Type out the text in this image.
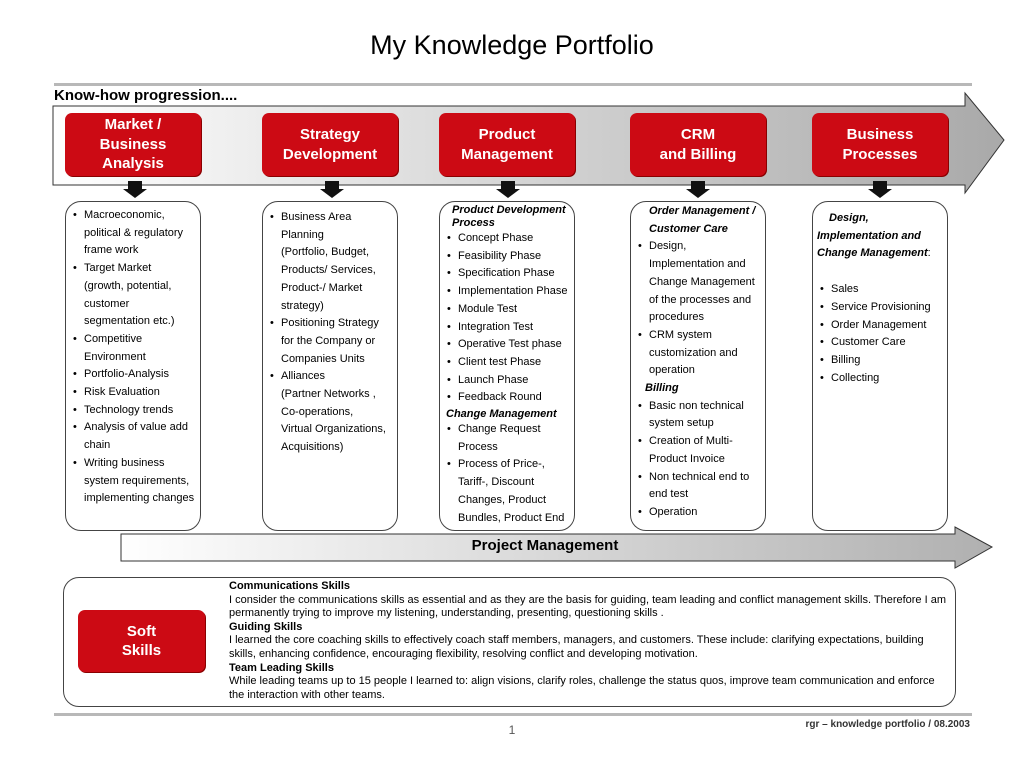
My Knowledge Portfolio
Know-how progression....
Market /
Business
Analysis
Strategy
Development
Product
Management
CRM
and Billing
Business
Processes
• Macroeconomic,
political & regulatory
frame work
• Target Market
(growth, potential,
customer
segmentation etc.)
• Competitive
Environment
• Portfolio-Analysis
• Risk Evaluation
• Technology trends
• Analysis of value add
chain
• Writing business
system requirements,
implementing changes
• Business Area
Planning
(Portfolio, Budget,
Products/ Services,
Product-/ Market
strategy)
• Positioning Strategy
for the Company or
Companies Units
• Alliances
(Partner Networks ,
Co-operations,
Virtual Organizations,
Acquisitions)
Product Development
Process
• Concept Phase
• Feasibility Phase
• Specification Phase
• Implementation Phase
• Module Test
• Integration Test
• Operative Test phase
• Client test Phase
• Launch Phase
• Feedback Round
Change Management
• Change Request
Process
• Process of Price-,
Tariff-, Discount
Changes, Product
Bundles, Product End
Order Management /
Customer Care
• Design,
Implementation and
Change Management
of the processes and
procedures
• CRM system
customization and
operation
Billing
• Basic non technical
system setup
• Creation of Multi-
Product Invoice
• Non technical end to
end test
• Operation
Design,
Implementation and
Change Management:
• Sales
• Service Provisioning
• Order Management
• Customer Care
• Billing
• Collecting
Project Management
Soft
Skills
Communications Skills
I consider the communications skills as essential and as they are the basis for guiding, team leading and conflict management skills. Therefore I am permanently trying to improve my listening, understanding, presenting, questioning skills .
Guiding Skills
I learned the core coaching skills to effectively coach staff members, managers, and customers. These include: clarifying expectations, building skills, enhancing confidence, encouraging flexibility, resolving conflict and developing motivation.
Team Leading Skills
While leading teams up to 15 people I learned to: align visions, clarify roles, challenge the status quos, improve team communication and enforce the interaction with other teams.
1	rgr – knowledge portfolio / 08.2003
